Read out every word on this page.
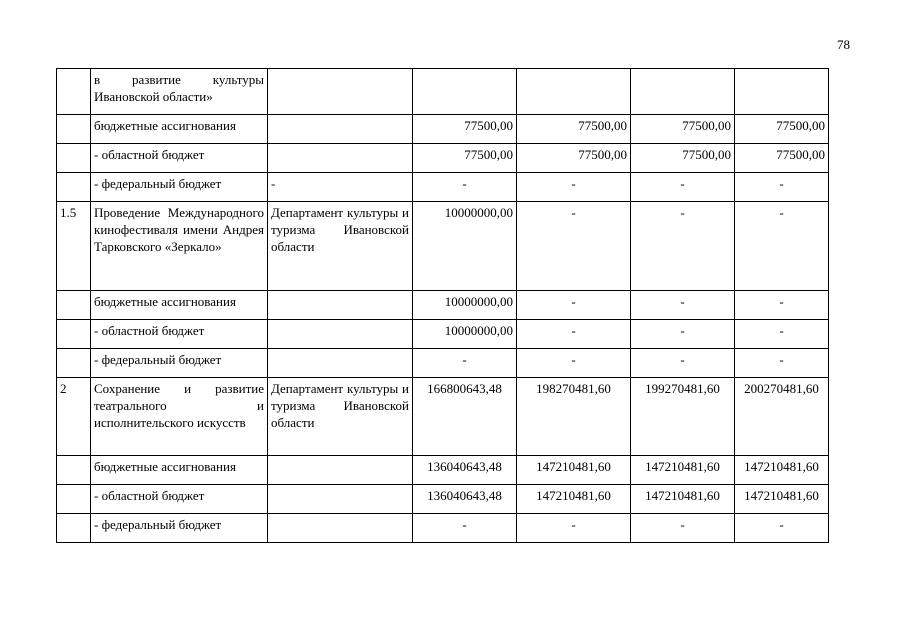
78
	в развитие культуры Ивановской области»					
	бюджетные ассигнования		77500,00	77500,00	77500,00	77500,00
	- областной бюджет		77500,00	77500,00	77500,00	77500,00
	- федеральный бюджет	-	-	-	-	-
1.5	Проведение Международного кинофестиваля имени Андрея Тарковского «Зеркало»	Департамент культуры и туризма Ивановской области	10000000,00	-	-	-
	бюджетные ассигнования		10000000,00	-	-	-
	- областной бюджет		10000000,00	-	-	-
	- федеральный бюджет		-	-	-	-
2	Сохранение и развитие театрального и исполнительского искусств	Департамент культуры и туризма Ивановской области	166800643,48	198270481,60	199270481,60	200270481,60
	бюджетные ассигнования		136040643,48	147210481,60	147210481,60	147210481,60
	- областной бюджет		136040643,48	147210481,60	147210481,60	147210481,60
	- федеральный бюджет		-	-	-	-
